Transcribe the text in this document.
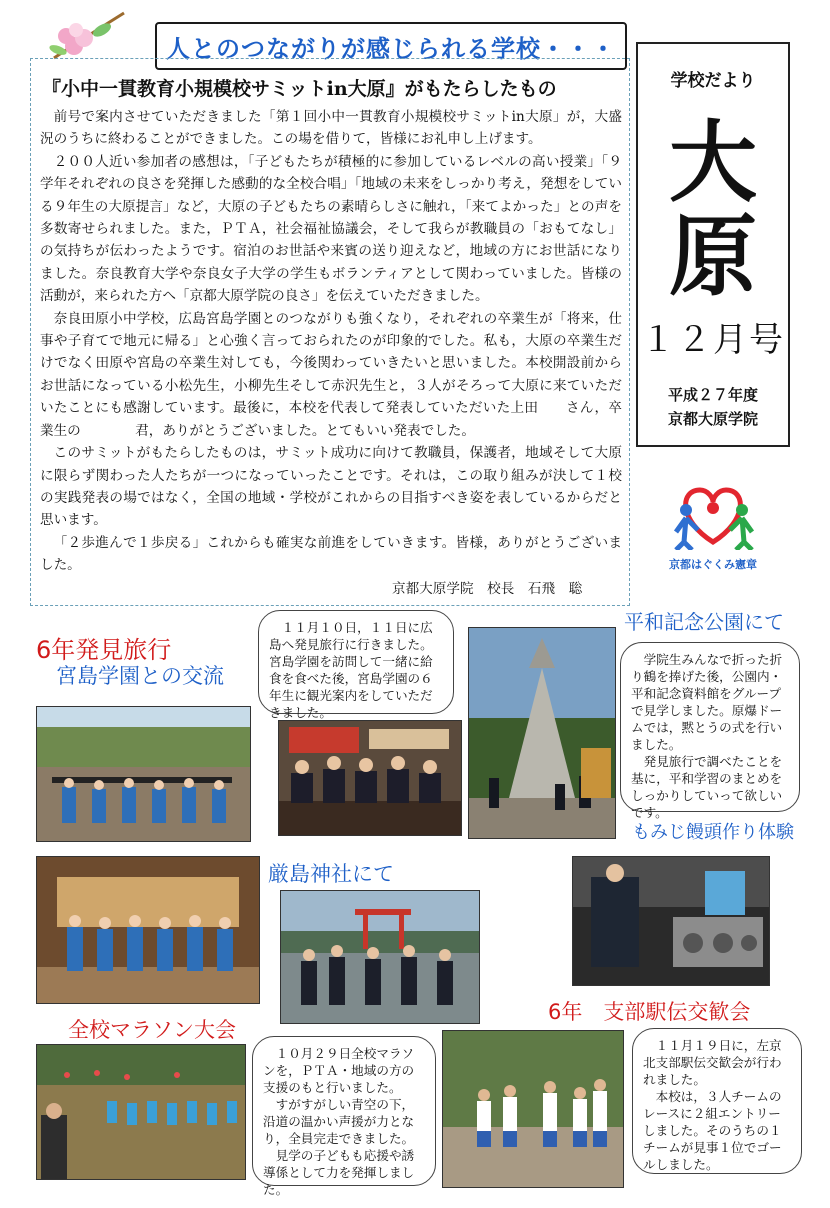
人とのつながりが感じられる学校・・・
『小中一貫教育小規模校サミットin大原』がもたらしたもの

前号で案内させていただきました「第１回小中一貫教育小規模校サミットin大原」が，大盛況のうちに終わることができました。この場を借りて，皆様にお礼申し上げます。

２００人近い参加者の感想は，「子どもたちが積極的に参加しているレベルの高い授業」「９学年それぞれの良さを発揮した感動的な全校合唱」「地域の未来をしっかり考え，発想をしている９年生の大原提言」など，大原の子どもたちの素晴らしさに触れ，「来てよかった」との声を多数寄せられました。また，ＰＴＡ，社会福祉協議会，そして我らが教職員の「おもてなし」の気持ちが伝わったようです。宿泊のお世話や来賓の送り迎えなど，地域の方にお世話になりました。奈良教育大学や奈良女子大学の学生もボランティアとして関わっていました。皆様の活動が，来られた方へ「京都大原学院の良さ」を伝えていただきました。

奈良田原小中学校，広島宮島学園とのつながりも強くなり，それぞれの卒業生が「将来，仕事や子育てで地元に帰る」と心強く言っておられたのが印象的でした。私も，大原の卒業生だけでなく田原や宮島の卒業生対しても，今後関わっていきたいと思いました。本校開設前からお世話になっている小松先生，小柳先生そして赤沢先生と，３人がそろって大原に来ていただいたことにも感謝しています。最後に，本校を代表して発表していただいた上田　　さん，卒業生の　　　　君，ありがとうございました。とてもいい発表でした。

このサミットがもたらしたものは，サミット成功に向けて教職員，保護者，地域そして大原に限らず関わった人たちが一つになっていったことです。それは，この取り組みが決して１校の実践発表の場ではなく，全国の地域・学校がこれからの目指すべき姿を表しているからだと思います。

「２歩進んで１歩戻る」これからも確実な前進をしていきます。皆様，ありがとうございました。

京都大原学院　校長　石飛　聡
学校だより
大
原
１２月号
平成２７年度
京都大原学院
京都はぐくみ憲章
6年発見旅行
宮島学園との交流

１１月１０日，１１日に広島へ発見旅行に行きました。宮島学園を訪問して一緒に給食を食べた後，宮島学園の６年生に観光案内をしていただきました。

平和記念公園にて

学院生みんなで折った折り鶴を捧げた後，公園内・平和記念資料館をグループで見学しました。原爆ドームでは，黙とうの式を行いました。

発見旅行で調べたことを基に，平和学習のまとめをしっかりしていって欲しいです。

もみじ饅頭作り体験
厳島神社にて
全校マラソン大会

１０月２９日全校マラソンを，ＰＴＡ・地域の方の支援のもと行いました。

すがすがしい青空の下，沿道の温かい声援が力となり，全員完走できました。

見学の子どもも応援や誘導係として力を発揮しました。

6年　支部駅伝交歓会

１１月１９日に，左京北支部駅伝交歓会が行われました。

本校は，３人チームのレースに２組エントリーしました。そのうちの１チームが見事１位でゴールしました。
